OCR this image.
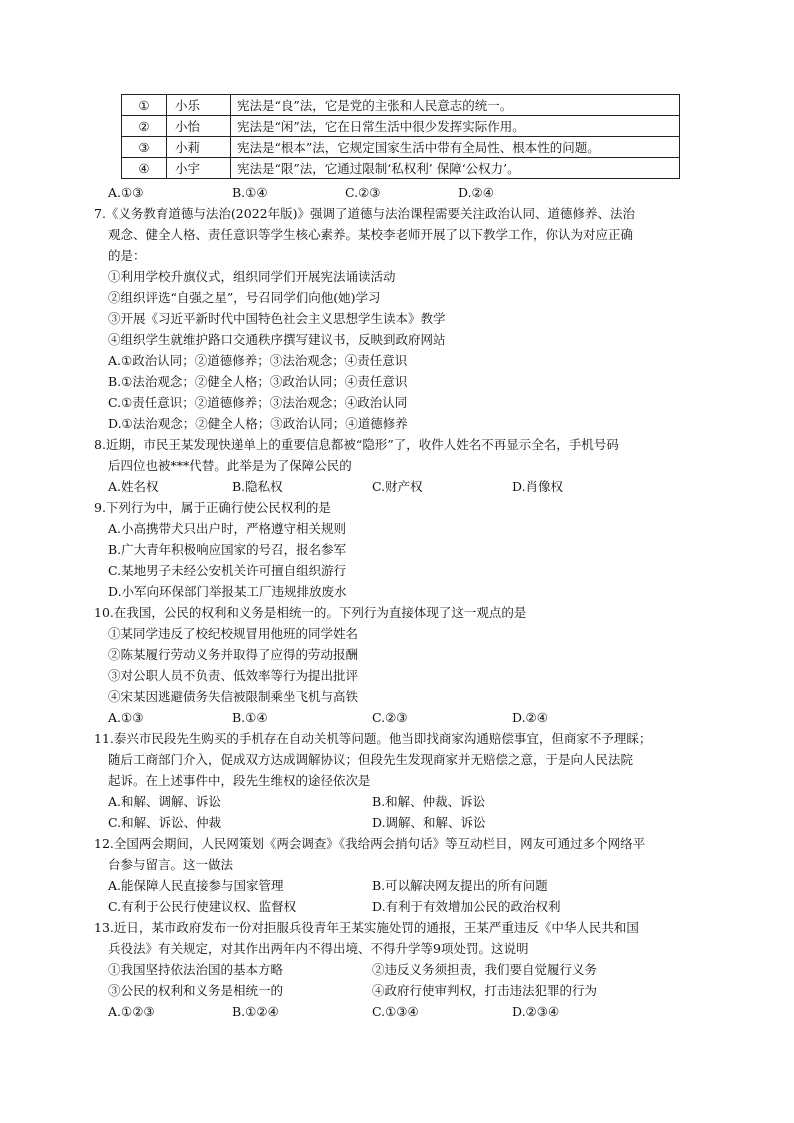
①	小乐	宪法是“良”法，它是党的主张和人民意志的统一。
②	小怡	宪法是“闲”法，它在日常生活中很少发挥实际作用。
③	小莉	宪法是“根本”法，它规定国家生活中带有全局性、根本性的问题。
④	小宇	宪法是“限”法，它通过限制‘私权利’ 保障‘公权力’。
A.①③	B.①④	C.②③	D.②④
7.《义务教育道德与法治(2022年版)》强调了道德与法治课程需要关注政治认同、道德修养、法治
观念、健全人格、责任意识等学生核心素养。某校李老师开展了以下教学工作，你认为对应正确
的是：
①利用学校升旗仪式，组织同学们开展宪法诵读活动
②组织评选“自强之星”，号召同学们向他(她)学习
③开展《习近平新时代中国特色社会主义思想学生读本》教学
④组织学生就维护路口交通秩序撰写建议书，反映到政府网站
A.①政治认同；②道德修养；③法治观念；④责任意识
B.①法治观念；②健全人格；③政治认同；④责任意识
C.①责任意识；②道德修养；③法治观念；④政治认同
D.①法治观念；②健全人格；③政治认同；④道德修养
8.近期，市民王某发现快递单上的重要信息都被“隐形”了，收件人姓名不再显示全名，手机号码
后四位也被***代替。此举是为了保障公民的
A.姓名权	B.隐私权	C.财产权	D.肖像权
9.下列行为中，属于正确行使公民权利的是
A.小高携带犬只出户时，严格遵守相关规则
B.广大青年积极响应国家的号召，报名参军
C.某地男子未经公安机关许可擅自组织游行
D.小军向环保部门举报某工厂违规排放废水
10.在我国，公民的权利和义务是相统一的。下列行为直接体现了这一观点的是
①某同学违反了校纪校规冒用他班的同学姓名
②陈某履行劳动义务并取得了应得的劳动报酬
③对公职人员不负责、低效率等行为提出批评
④宋某因逃避债务失信被限制乘坐飞机与高铁
A.①③	B.①④	C.②③	D.②④
11.泰兴市民段先生购买的手机存在自动关机等问题。他当即找商家沟通赔偿事宜，但商家不予理睬；
随后工商部门介入，促成双方达成调解协议；但段先生发现商家并无赔偿之意，于是向人民法院
起诉。在上述事件中，段先生维权的途径依次是
A.和解、调解、诉讼	B.和解、仲裁、诉讼
C.和解、诉讼、仲裁	D.调解、和解、诉讼
12.全国两会期间，人民网策划《两会调查》《我给两会捎句话》等互动栏目，网友可通过多个网络平
台参与留言。这一做法
A.能保障人民直接参与国家管理	B.可以解决网友提出的所有问题
C.有利于公民行使建议权、监督权	D.有利于有效增加公民的政治权利
13.近日，某市政府发布一份对拒服兵役青年王某实施处罚的通报，王某严重违反《中华人民共和国
兵役法》有关规定，对其作出两年内不得出境、不得升学等9项处罚。这说明
①我国坚持依法治国的基本方略	②违反义务须担责，我们要自觉履行义务
③公民的权利和义务是相统一的	④政府行使审判权，打击违法犯罪的行为
A.①②③	B.①②④	C.①③④	D.②③④
